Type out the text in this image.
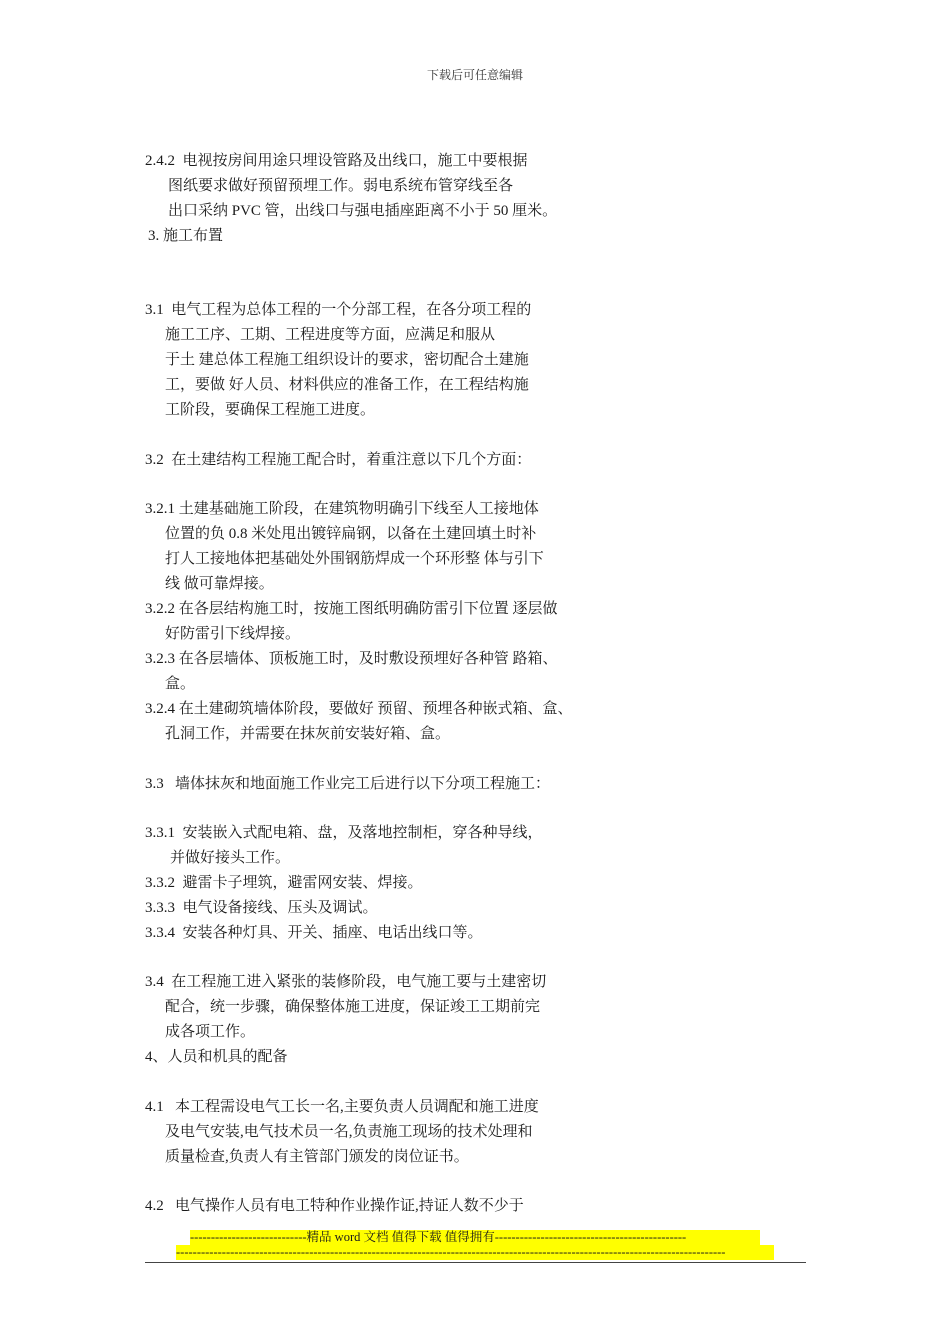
下载后可任意编辑
2.4.2  电视按房间用途只埋设管路及出线口，施工中要根据
图纸要求做好预留预埋工作。弱电系统布管穿线至各
出口采纳 PVC 管，出线口与强电插座距离不小于 50 厘米。
3. 施工布置
3.1  电气工程为总体工程的一个分部工程，在各分项工程的
施工工序、工期、工程进度等方面，应满足和服从
于土 建总体工程施工组织设计的要求，密切配合土建施
工，要做 好人员、材料供应的准备工作，在工程结构施
工阶段，要确保工程施工进度。
3.2  在土建结构工程施工配合时，着重注意以下几个方面：
3.2.1 土建基础施工阶段，在建筑物明确引下线至人工接地体
位置的负 0.8 米处甩出镀锌扁钢，以备在土建回填土时补
打人工接地体把基础处外围钢筋焊成一个环形整 体与引下
线 做可靠焊接。
3.2.2 在各层结构施工时，按施工图纸明确防雷引下位置 逐层做
好防雷引下线焊接。
3.2.3 在各层墙体、顶板施工时，及时敷设预埋好各种管 路箱、
盒。
3.2.4 在土建砌筑墙体阶段，要做好 预留、预埋各种嵌式箱、盒、
孔洞工作，并需要在抹灰前安装好箱、盒。
3.3   墙体抹灰和地面施工作业完工后进行以下分项工程施工：
3.3.1  安装嵌入式配电箱、盘，及落地控制柜，穿各种导线，
并做好接头工作。
3.3.2  避雷卡子埋筑，避雷网安装、焊接。
3.3.3  电气设备接线、压头及调试。
3.3.4  安装各种灯具、开关、插座、电话出线口等。
3.4  在工程施工进入紧张的装修阶段，电气施工要与土建密切
配合，统一步骤，确保整体施工进度，保证竣工工期前完
成各项工作。
4、人员和机具的配备
4.1   本工程需设电气工长一名,主要负责人员调配和施工进度
及电气安装,电气技术员一名,负责施工现场的技术处理和
质量检查,负责人有主管部门颁发的岗位证书。
4.2   电气操作人员有电工特种作业操作证,持证人数不少于
----------------------------精品 word 文档 值得下载 值得拥有----------------------------------------------
------------------------------------------------------------------------------------------------------------------------------------
